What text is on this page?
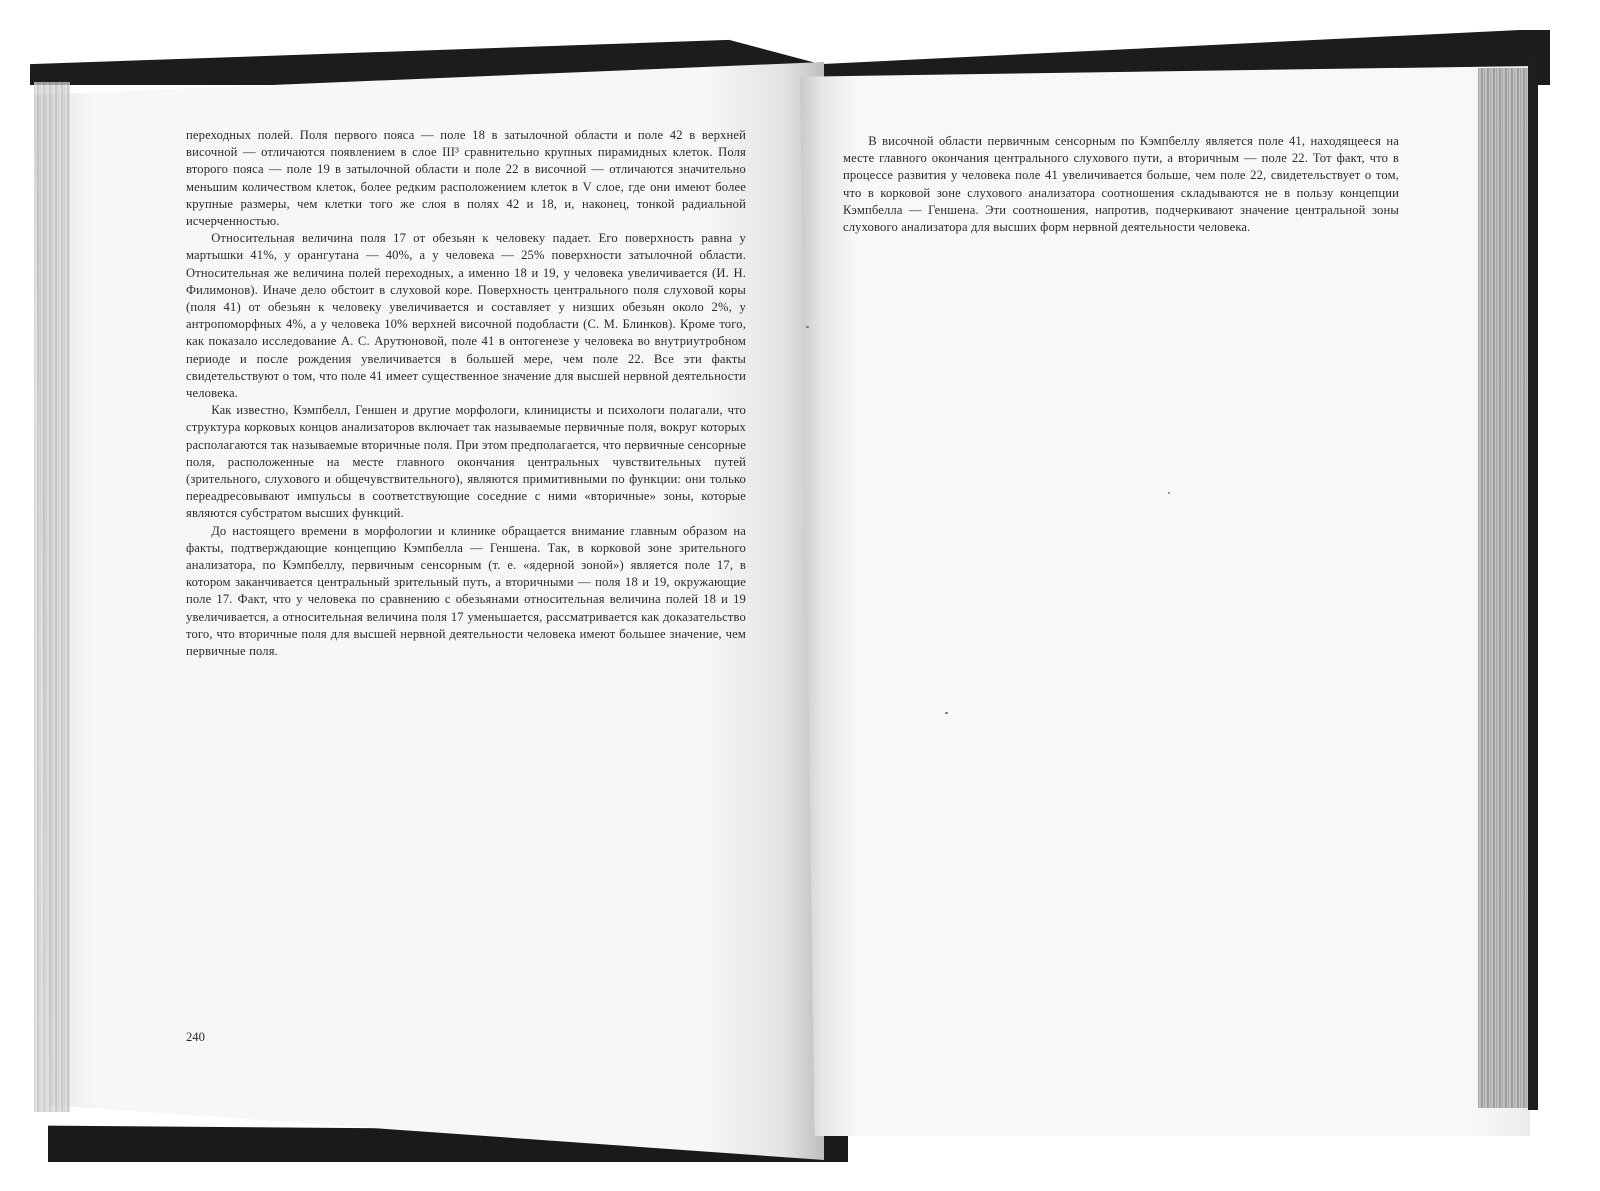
переходных полей. Поля первого пояса — поле 18 в затылочной области и поле 42 в верхней височной — отличаются появлением в слое III³ сравнительно крупных пирамидных клеток. Поля второго пояса — поле 19 в затылочной области и поле 22 в височной — отличаются значительно меньшим количеством клеток, более редким расположением клеток в V слое, где они имеют более крупные размеры, чем клетки того же слоя в полях 42 и 18, и, наконец, тонкой радиальной исчерченностью.

Относительная величина поля 17 от обезьян к человеку падает. Его поверхность равна у мартышки 41%, у орангутана — 40%, а у человека — 25% поверхности затылочной области. Относительная же величина полей переходных, а именно 18 и 19, у человека увеличивается (И. Н. Филимонов). Иначе дело обстоит в слуховой коре. Поверхность центрального поля слуховой коры (поля 41) от обезьян к человеку увеличивается и составляет у низших обезьян около 2%, у антропоморфных 4%, а у человека 10% верхней височной подобласти (С. М. Блинков). Кроме того, как показало исследование А. С. Арутюновой, поле 41 в онтогенезе у человека во внутриутробном периоде и после рождения увеличивается в большей мере, чем поле 22. Все эти факты свидетельствуют о том, что поле 41 имеет существенное значение для высшей нервной деятельности человека.

Как известно, Кэмпбелл, Геншен и другие морфологи, клиницисты и психологи полагали, что структура корковых концов анализаторов включает так называемые первичные поля, вокруг которых располагаются так называемые вторичные поля. При этом предполагается, что первичные сенсорные поля, расположенные на месте главного окончания центральных чувствительных путей (зрительного, слухового и общечувствительного), являются примитивными по функции: они только переадресовывают импульсы в соответствующие соседние с ними «вторичные» зоны, которые являются субстратом высших функций.

До настоящего времени в морфологии и клинике обращается внимание главным образом на факты, подтверждающие концепцию Кэмпбелла — Геншена. Так, в корковой зоне зрительного анализатора, по Кэмпбеллу, первичным сенсорным (т. е. «ядерной зоной») является поле 17, в котором заканчивается центральный зрительный путь, а вторичными — поля 18 и 19, окружающие поле 17. Факт, что у человека по сравнению с обезьянами относительная величина полей 18 и 19 увеличивается, а относительная величина поля 17 уменьшается, рассматривается как доказательство того, что вторичные поля для высшей нервной деятельности человека имеют большее значение, чем первичные поля.

240

В височной области первичным сенсорным по Кэмпбеллу является поле 41, находящееся на месте главного окончания центрального слухового пути, а вторичным — поле 22. Тот факт, что в процессе развития у человека поле 41 увеличивается больше, чем поле 22, свидетельствует о том, что в корковой зоне слухового анализатора соотношения складываются не в пользу концепции Кэмпбелла — Геншена. Эти соотношения, напротив, подчеркивают значение центральной зоны слухового анализатора для высших форм нервной деятельности человека.
